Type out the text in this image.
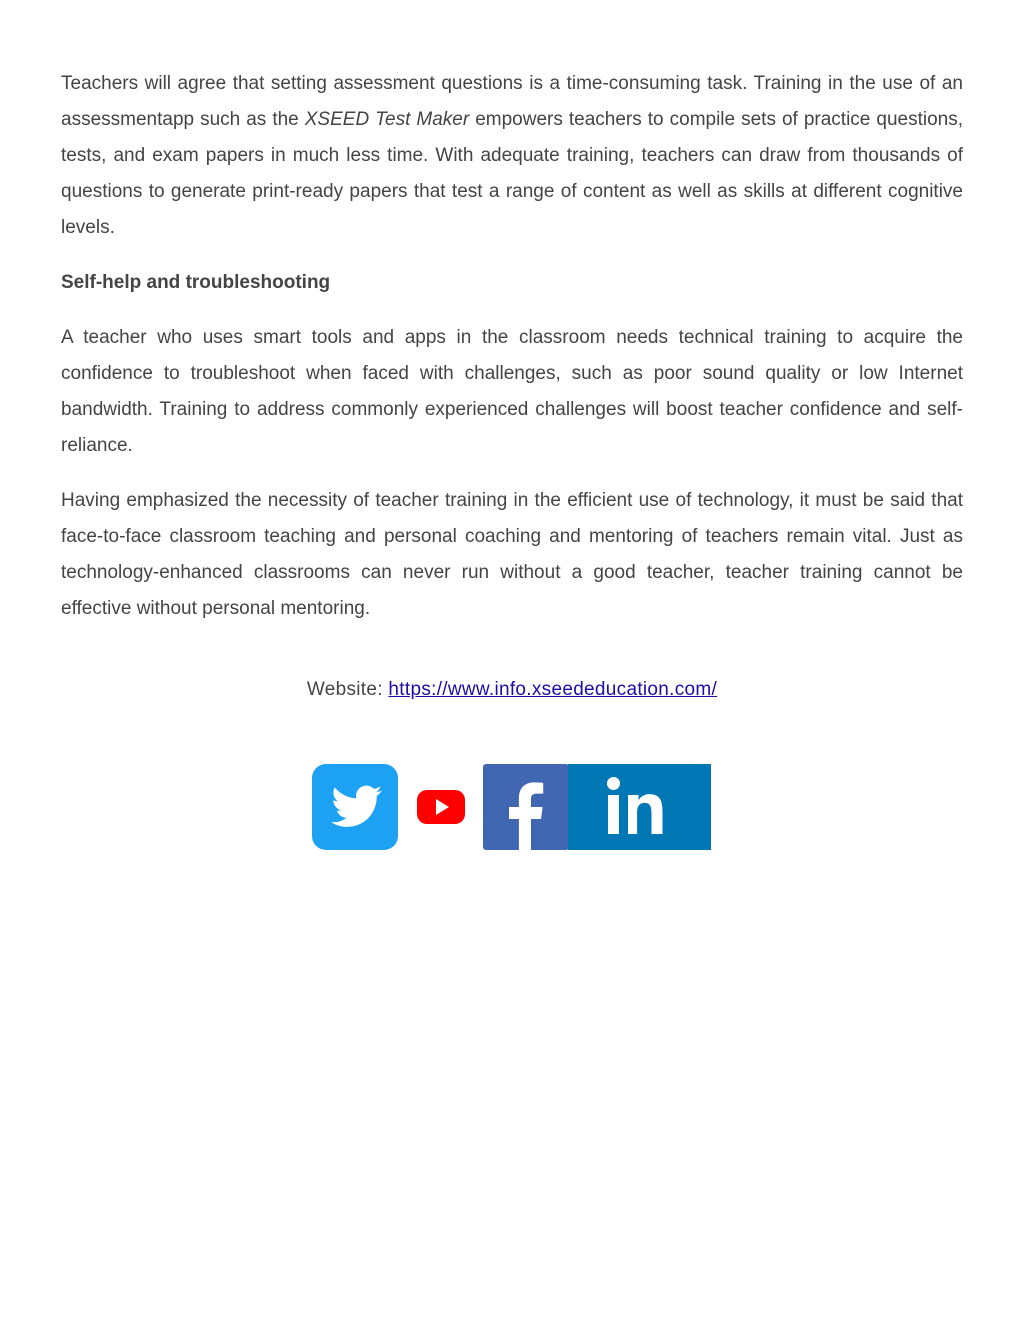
Teachers will agree that setting assessment questions is a time-consuming task. Training in the use of an assessmentapp such as the XSEED Test Maker empowers teachers to compile sets of practice questions, tests, and exam papers in much less time. With adequate training, teachers can draw from thousands of questions to generate print-ready papers that test a range of content as well as skills at different cognitive levels.

Self-help and troubleshooting

A teacher who uses smart tools and apps in the classroom needs technical training to acquire the confidence to troubleshoot when faced with challenges, such as poor sound quality or low Internet bandwidth. Training to address commonly experienced challenges will boost teacher confidence and self-reliance.

Having emphasized the necessity of teacher training in the efficient use of technology, it must be said that face-to-face classroom teaching and personal coaching and mentoring of teachers remain vital. Just as technology-enhanced classrooms can never run without a good teacher, teacher training cannot be effective without personal mentoring.

Website: https://www.info.xseededucation.com/
